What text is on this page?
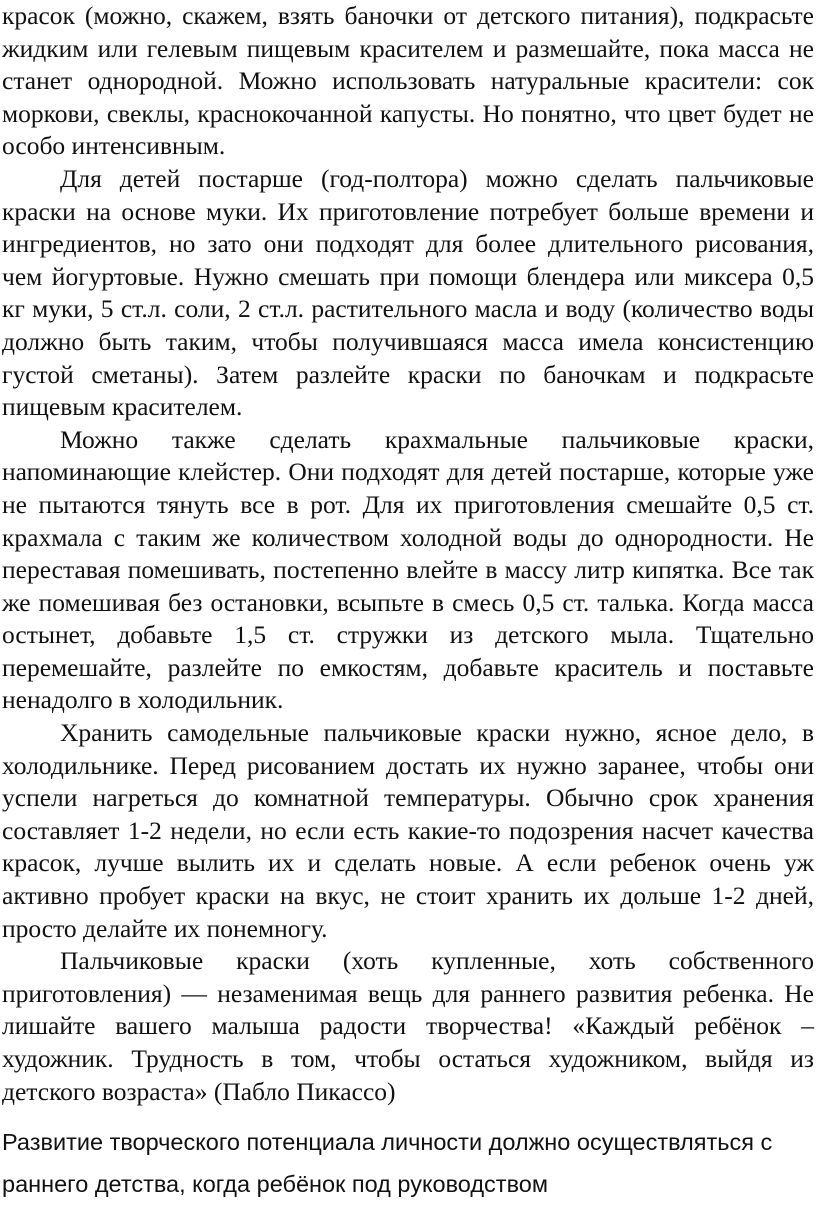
красок (можно, скажем, взять баночки от детского питания), подкрасьте жидким или гелевым пищевым красителем и размешайте, пока масса не станет однородной. Можно использовать натуральные красители: сок моркови, свеклы, краснокочанной капусты. Но понятно, что цвет будет не особо интенсивным.

Для детей постарше (год-полтора) можно сделать пальчиковые краски на основе муки. Их приготовление потребует больше времени и ингредиентов, но зато они подходят для более длительного рисования, чем йогуртовые. Нужно смешать при помощи блендера или миксера 0,5 кг муки, 5 ст.л. соли, 2 ст.л. растительного масла и воду (количество воды должно быть таким, чтобы получившаяся масса имела консистенцию густой сметаны). Затем разлейте краски по баночкам и подкрасьте пищевым красителем.

Можно также сделать крахмальные пальчиковые краски, напоминающие клейстер. Они подходят для детей постарше, которые уже не пытаются тянуть все в рот. Для их приготовления смешайте 0,5 ст. крахмала с таким же количеством холодной воды до однородности. Не переставая помешивать, постепенно влейте в массу литр кипятка. Все так же помешивая без остановки, всыпьте в смесь 0,5 ст. талька. Когда масса остынет, добавьте 1,5 ст. стружки из детского мыла. Тщательно перемешайте, разлейте по емкостям, добавьте краситель и поставьте ненадолго в холодильник.

Хранить самодельные пальчиковые краски нужно, ясное дело, в холодильнике. Перед рисованием достать их нужно заранее, чтобы они успели нагреться до комнатной температуры. Обычно срок хранения составляет 1-2 недели, но если есть какие-то подозрения насчет качества красок, лучше вылить их и сделать новые. А если ребенок очень уж активно пробует краски на вкус, не стоит хранить их дольше 1-2 дней, просто делайте их понемногу.

Пальчиковые краски (хоть купленные, хоть собственного приготовления) — незаменимая вещь для раннего развития ребенка. Не лишайте вашего малыша радости творчества! «Каждый ребёнок – художник. Трудность в том, чтобы остаться художником, выйдя из детского возраста» (Пабло Пикассо)

Развитие творческого потенциала личности должно осуществляться с раннего детства, когда ребёнок под руководством
